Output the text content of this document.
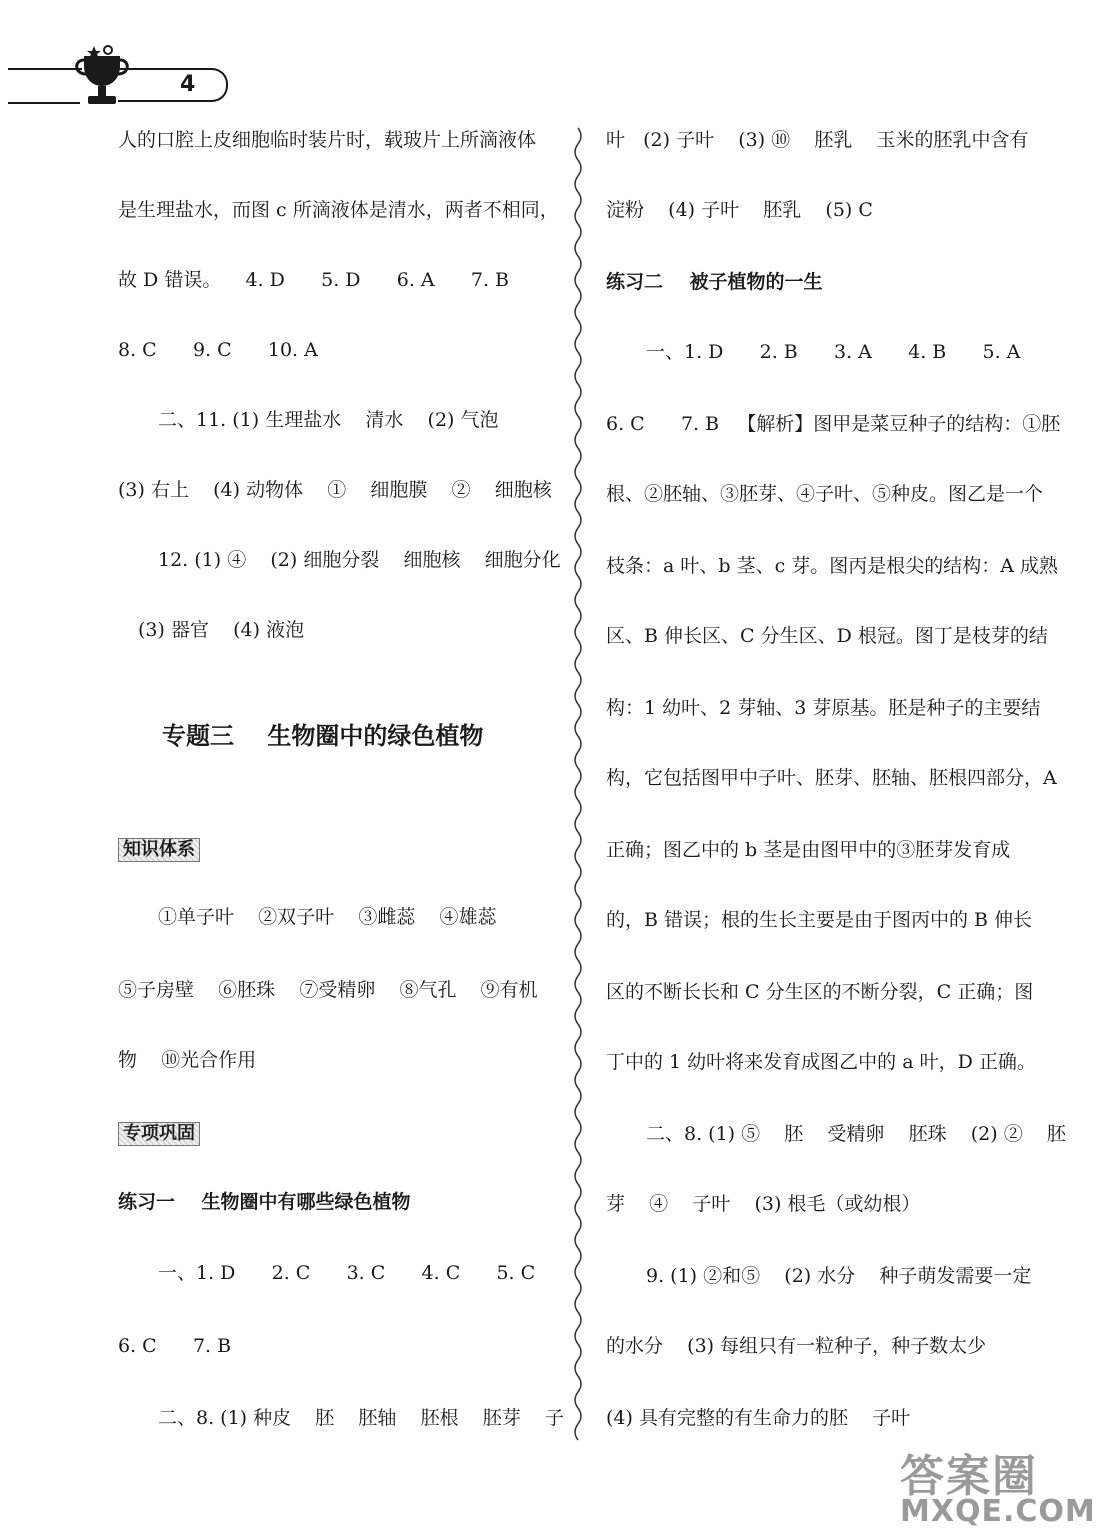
4
人的口腔上皮细胞临时装片时，载玻片上所滴液体
是生理盐水，而图 c 所滴液体是清水，两者不相同，
故 D 错误。    4. D      5. D      6. A      7. B
8. C      9. C      10. A
二、11. (1) 生理盐水    清水    (2) 气泡
(3) 右上    (4) 动物体    ①    细胞膜    ②    细胞核
12. (1) ④    (2) 细胞分裂    细胞核    细胞分化
(3) 器官    (4) 液泡
专题三    生物圈中的绿色植物
知识体系
①单子叶    ②双子叶    ③雌蕊    ④雄蕊
⑤子房壁    ⑥胚珠    ⑦受精卵    ⑧气孔    ⑨有机
物    ⑩光合作用
专项巩固
练习一    生物圈中有哪些绿色植物
一、1. D      2. C      3. C      4. C      5. C
6. C      7. B
二、8. (1) 种皮    胚    胚轴    胚根    胚芽    子
叶   (2) 子叶    (3) ⑩    胚乳    玉米的胚乳中含有
淀粉    (4) 子叶    胚乳    (5) C
练习二    被子植物的一生
一、1. D      2. B      3. A      4. B      5. A
6. C      7. B   【解析】图甲是菜豆种子的结构：①胚
根、②胚轴、③胚芽、④子叶、⑤种皮。图乙是一个
枝条：a 叶、b 茎、c 芽。图丙是根尖的结构：A 成熟
区、B 伸长区、C 分生区、D 根冠。图丁是枝芽的结
构：1 幼叶、2 芽轴、3 芽原基。胚是种子的主要结
构，它包括图甲中子叶、胚芽、胚轴、胚根四部分，A
正确；图乙中的 b 茎是由图甲中的③胚芽发育成
的，B 错误；根的生长主要是由于图丙中的 B 伸长
区的不断长长和 C 分生区的不断分裂，C 正确；图
丁中的 1 幼叶将来发育成图乙中的 a 叶，D 正确。
二、8. (1) ⑤    胚    受精卵    胚珠    (2) ②    胚
芽    ④    子叶    (3) 根毛（或幼根）
9. (1) ②和⑤    (2) 水分    种子萌发需要一定
的水分    (3) 每组只有一粒种子，种子数太少
(4) 具有完整的有生命力的胚    子叶
答案圈
MXQE.COM
